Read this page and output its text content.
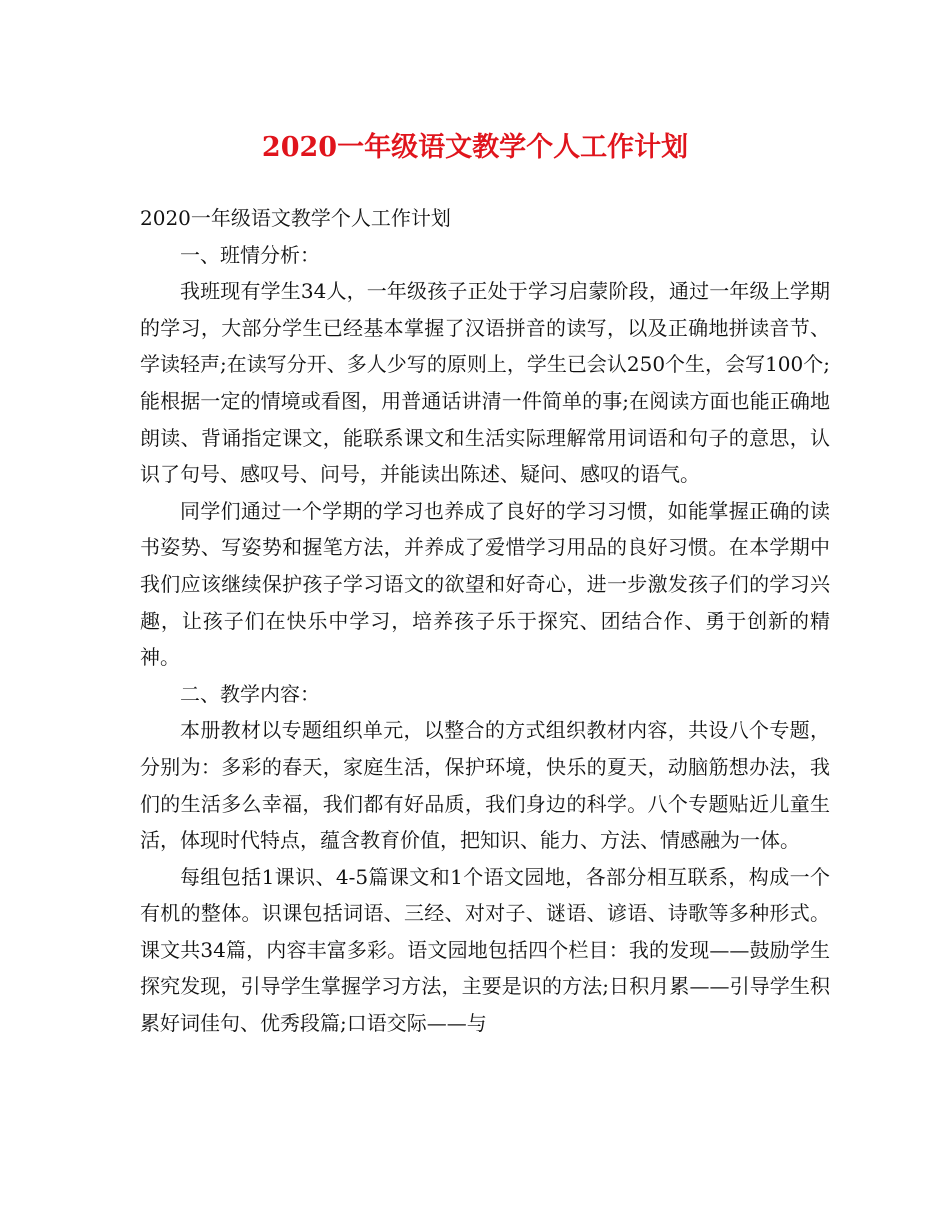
2020一年级语文教学个人工作计划

2020一年级语文教学个人工作计划

一、班情分析：

我班现有学生34人，一年级孩子正处于学习启蒙阶段，通过一年级上学期的学习，大部分学生已经基本掌握了汉语拼音的读写，以及正确地拼读音节、学读轻声;在读写分开、多人少写的原则上，学生已会认250个生，会写100个;能根据一定的情境或看图，用普通话讲清一件简单的事;在阅读方面也能正确地朗读、背诵指定课文，能联系课文和生活实际理解常用词语和句子的意思，认识了句号、感叹号、问号，并能读出陈述、疑问、感叹的语气。

同学们通过一个学期的学习也养成了良好的学习习惯，如能掌握正确的读书姿势、写姿势和握笔方法，并养成了爱惜学习用品的良好习惯。在本学期中我们应该继续保护孩子学习语文的欲望和好奇心，进一步激发孩子们的学习兴趣，让孩子们在快乐中学习，培养孩子乐于探究、团结合作、勇于创新的精神。

二、教学内容：

本册教材以专题组织单元，以整合的方式组织教材内容，共设八个专题，分别为：多彩的春天，家庭生活，保护环境，快乐的夏天，动脑筋想办法，我们的生活多么幸福，我们都有好品质，我们身边的科学。八个专题贴近儿童生活，体现时代特点，蕴含教育价值，把知识、能力、方法、情感融为一体。

每组包括1课识、4-5篇课文和1个语文园地，各部分相互联系，构成一个有机的整体。识课包括词语、三经、对对子、谜语、谚语、诗歌等多种形式。课文共34篇，内容丰富多彩。语文园地包括四个栏目：我的发现——鼓励学生探究发现，引导学生掌握学习方法，主要是识的方法;日积月累——引导学生积累好词佳句、优秀段篇;口语交际——与
